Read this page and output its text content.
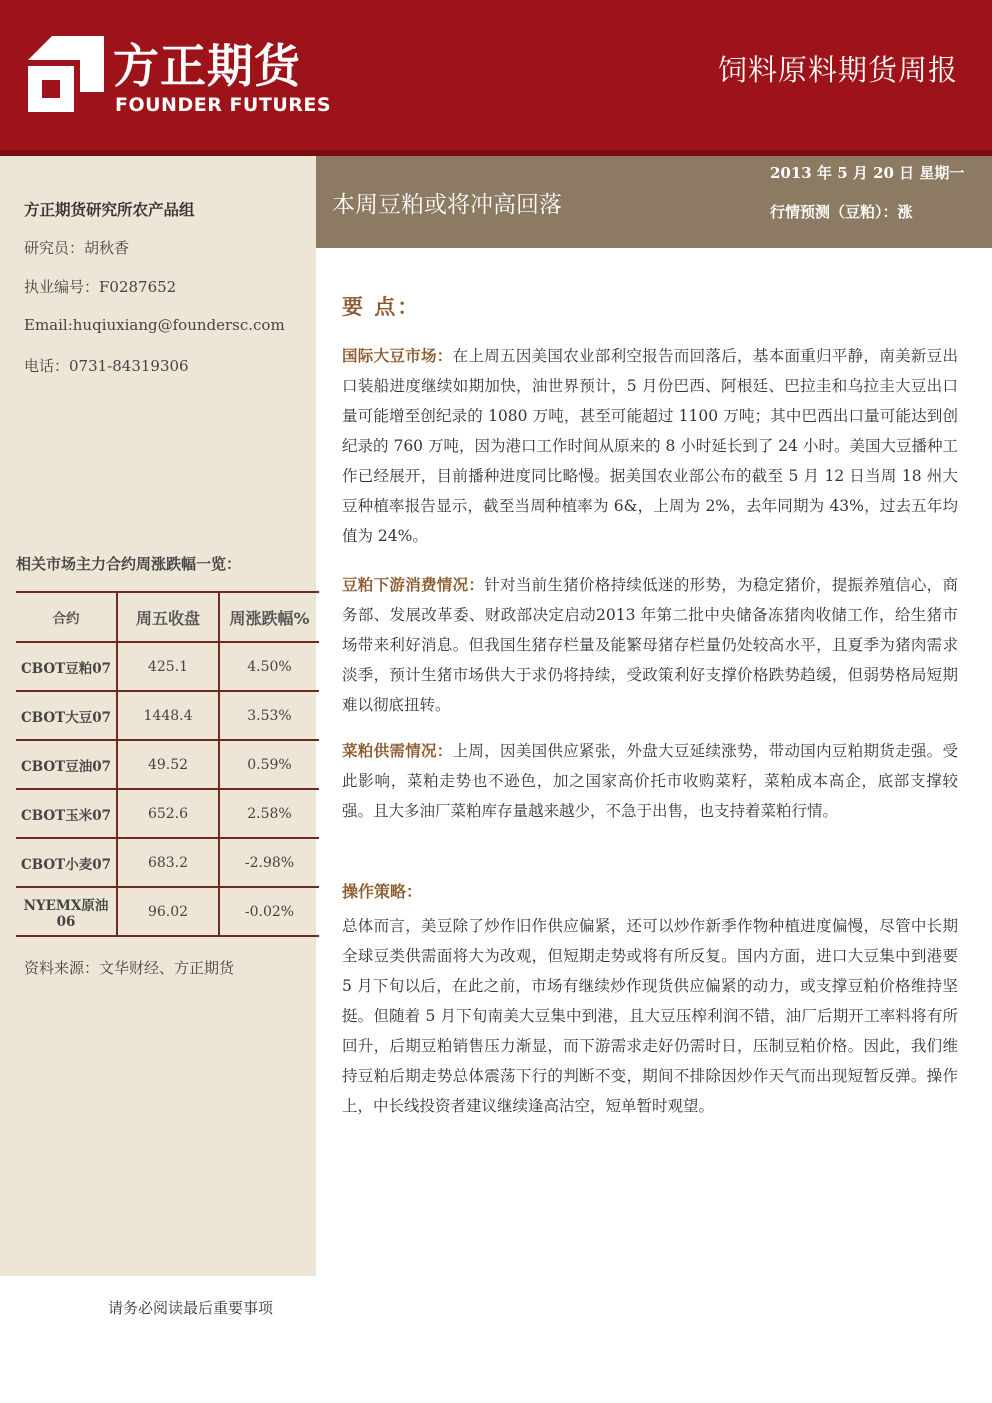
方正期货
FOUNDER FUTURES
饲料原料期货周报
方正期货研究所农产品组
研究员：胡秋香
执业编号：F0287652
Email:huqiuxiang@foundersc.com
电话：0731-84319306
相关市场主力合约周涨跌幅一览：
合约	周五收盘	周涨跌幅%
CBOT豆粕07	425.1	4.50%
CBOT大豆07	1448.4	3.53%
CBOT豆油07	49.52	0.59%
CBOT玉米07	652.6	2.58%
CBOT小麦07	683.2	-2.98%
NYEMX原油06	96.02	-0.02%
资料来源：文华财经、方正期货
请务必阅读最后重要事项
本周豆粕或将冲高回落
2013 年 5 月 20 日 星期一
行情预测（豆粕）：涨
要 点：
国际大豆市场：在上周五因美国农业部利空报告而回落后，基本面重归平静，南美新豆出口装船进度继续如期加快，油世界预计，5 月份巴西、阿根廷、巴拉圭和乌拉圭大豆出口量可能增至创纪录的 1080 万吨，甚至可能超过 1100 万吨；其中巴西出口量可能达到创纪录的 760 万吨，因为港口工作时间从原来的 8 小时延长到了 24 小时。美国大豆播种工作已经展开，目前播种进度同比略慢。据美国农业部公布的截至 5 月 12 日当周 18 州大豆种植率报告显示，截至当周种植率为 6&，上周为 2%，去年同期为 43%，过去五年均值为 24%。
豆粕下游消费情况：针对当前生猪价格持续低迷的形势，为稳定猪价，提振养殖信心，商务部、发展改革委、财政部决定启动2013 年第二批中央储备冻猪肉收储工作，给生猪市场带来利好消息。但我国生猪存栏量及能繁母猪存栏量仍处较高水平，且夏季为猪肉需求淡季，预计生猪市场供大于求仍将持续，受政策利好支撑价格跌势趋缓，但弱势格局短期难以彻底扭转。
菜粕供需情况：上周，因美国供应紧张，外盘大豆延续涨势，带动国内豆粕期货走强。受此影响，菜粕走势也不逊色，加之国家高价托市收购菜籽，菜粕成本高企，底部支撑较强。且大多油厂菜粕库存量越来越少，不急于出售，也支持着菜粕行情。
操作策略：
总体而言，美豆除了炒作旧作供应偏紧，还可以炒作新季作物种植进度偏慢，尽管中长期全球豆类供需面将大为改观，但短期走势或将有所反复。国内方面，进口大豆集中到港要 5 月下旬以后，在此之前，市场有继续炒作现货供应偏紧的动力，或支撑豆粕价格维持坚挺。但随着 5 月下旬南美大豆集中到港，且大豆压榨利润不错，油厂后期开工率料将有所回升，后期豆粕销售压力渐显，而下游需求走好仍需时日，压制豆粕价格。因此，我们维持豆粕后期走势总体震荡下行的判断不变，期间不排除因炒作天气而出现短暂反弹。操作上，中长线投资者建议继续逢高沽空，短单暂时观望。
